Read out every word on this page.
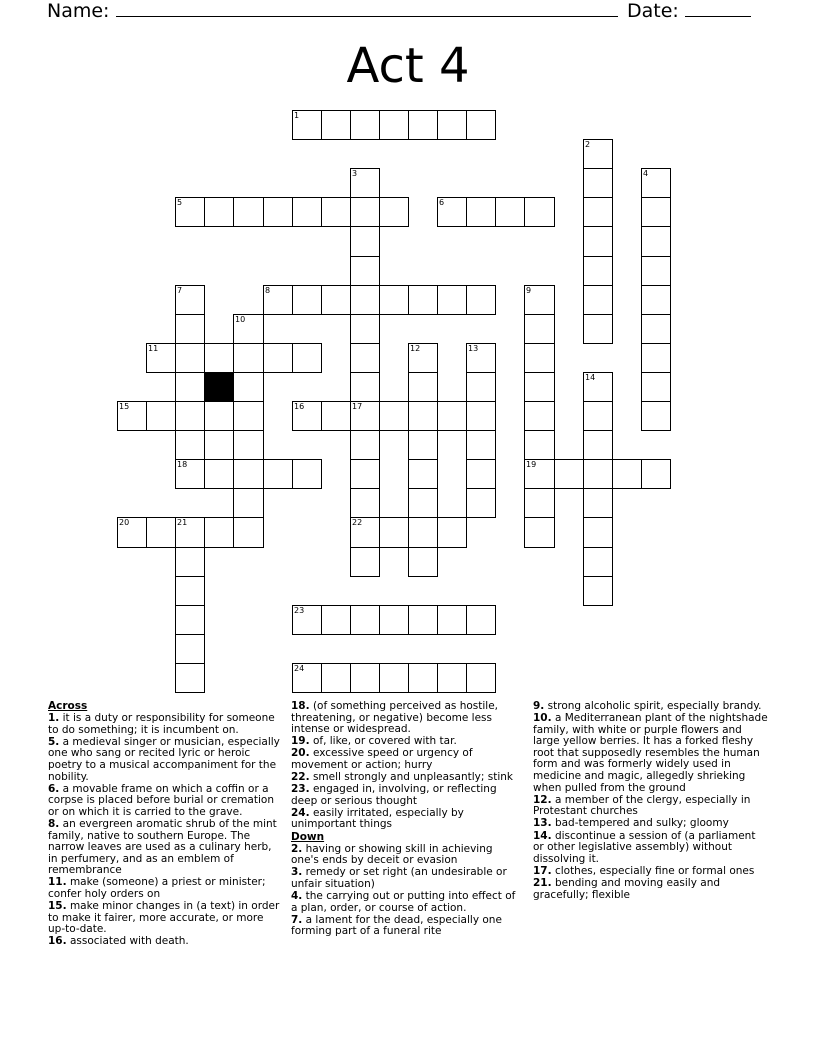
Name:	Date:
Act 4
1
5	6
8
11
15	16	17
18	19
20	21	22
23
24
2
3	4
7	9
10
12	13
14

Across

1. it is a duty or responsibility for someone to do something; it is incumbent on.

5. a medieval singer or musician, especially one who sang or recited lyric or heroic poetry to a musical accompaniment for the nobility.

6. a movable frame on which a coffin or a corpse is placed before burial or cremation or on which it is carried to the grave.

8. an evergreen aromatic shrub of the mint family, native to southern Europe. The narrow leaves are used as a culinary herb, in perfumery, and as an emblem of remembrance

11. make (someone) a priest or minister; confer holy orders on

15. make minor changes in (a text) in order to make it fairer, more accurate, or more up-to-date.

16. associated with death.

18. (of something perceived as hostile, threatening, or negative) become less intense or widespread.

19. of, like, or covered with tar.

20. excessive speed or urgency of movement or action; hurry

22. smell strongly and unpleasantly; stink

23. engaged in, involving, or reflecting deep or serious thought

24. easily irritated, especially by unimportant things

Down

2. having or showing skill in achieving one's ends by deceit or evasion

3. remedy or set right (an undesirable or unfair situation)

4. the carrying out or putting into effect of a plan, order, or course of action.

7. a lament for the dead, especially one forming part of a funeral rite

9. strong alcoholic spirit, especially brandy.

10. a Mediterranean plant of the nightshade family, with white or purple flowers and large yellow berries. It has a forked fleshy root that supposedly resembles the human form and was formerly widely used in medicine and magic, allegedly shrieking when pulled from the ground

12. a member of the clergy, especially in Protestant churches

13. bad-tempered and sulky; gloomy

14. discontinue a session of (a parliament or other legislative assembly) without dissolving it.

17. clothes, especially fine or formal ones

21. bending and moving easily and gracefully; flexible
